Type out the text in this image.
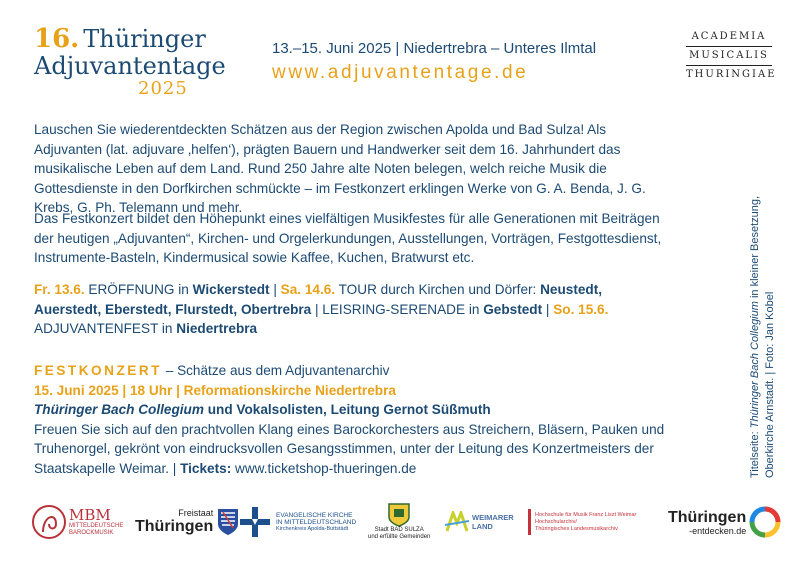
16. Thüringer
Adjuvantentage
2025
13.–15. Juni 2025 | Niedertrebra – Unteres Ilmtal
www.adjuvantentage.de
ACADEMIA
MUSICALIS
THURINGIAE

Lauschen Sie wiederentdeckten Schätzen aus der Region zwischen Apolda und Bad Sulza! Als Adjuvanten (lat. adjuvare ‚helfen‘), prägten Bauern und Handwerker seit dem 16. Jahrhundert das musikalische Leben auf dem Land. Rund 250 Jahre alte Noten belegen, welch reiche Musik die Gottesdienste in den Dorfkirchen schmückte – im Festkonzert erklingen Werke von G. A. Benda, J. G. Krebs, G. Ph. Telemann und mehr.

Das Festkonzert bildet den Höhepunkt eines vielfältigen Musikfestes für alle Generationen mit Beiträgen der heutigen „Adjuvanten“, Kirchen- und Orgelerkundungen, Ausstellungen, Vorträgen, Festgottesdienst, Instrumente-Basteln, Kindermusical sowie Kaffee, Kuchen, Bratwurst etc.

Fr. 13.6. ERÖFFNUNG in Wickerstedt | Sa. 14.6. TOUR durch Kirchen und Dörfer: Neustedt, Auerstedt, Eberstedt, Flurstedt, Obertrebra | LEISRING-SERENADE in Gebstedt | So. 15.6. ADJUVANTENFEST in Niedertrebra

FESTKONZERT – Schätze aus dem Adjuvantenarchiv
15. Juni 2025 | 18 Uhr | Reformationskirche Niedertrebra
Thüringer Bach Collegium und Vokalsolisten, Leitung Gernot Süßmuth
Freuen Sie sich auf den prachtvollen Klang eines Barockorchesters aus Streichern, Bläsern, Pauken und Truhenorgel, gekrönt von eindrucksvollen Gesangsstimmen, unter der Leitung des Konzertmeisters der Staatskapelle Weimar. | Tickets: www.ticketshop-thueringen.de	Titelseite: Thüringer Bach Collegium in kleiner Besetzung,
Oberkirche Arnstadt. | Foto: Jan Kobel
MBM
MITTELDEUTSCHE
BAROCKMUSIK
Freistaat
Thüringen
EVANGELISCHE KIRCHE
IN MITTELDEUTSCHLAND
Kirchenkreis Apolda-Buttstädt	Stadt BAD SULZA
und erfüllte Gemeinden
WEIMARER
LAND
Hochschule für Musik Franz Liszt Weimar
Hochschularchiv/
Thüringisches Landesmusikarchiv
Thüringen
-entdecken.de
